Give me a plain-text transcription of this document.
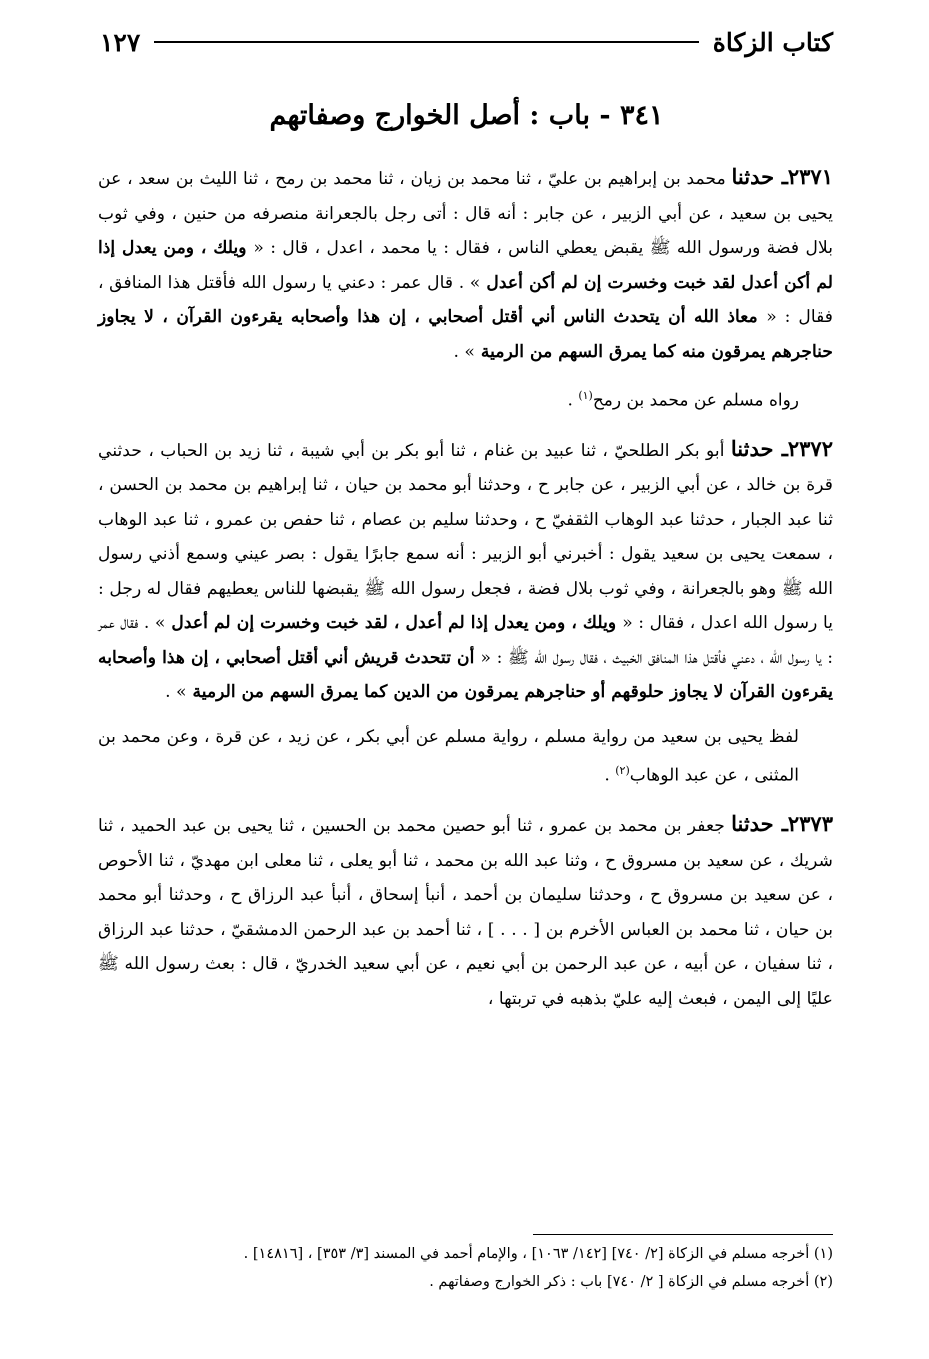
كتاب الزكاة
١٢٧
٣٤١ - باب : أصل الخوارج وصفاتهم

٢٣٧١ـ حدثنا محمد بن إبراهيم بن عليّ ، ثنا محمد بن زيان ، ثنا محمد بن رمح ، ثنا الليث بن سعد ، عن يحيى بن سعيد ، عن أبي الزبير ، عن جابر : أنه قال : أتى رجل بالجعرانة منصرفه من حنين ، وفي ثوب بلال فضة ورسول الله ﷺ يقبض يعطي الناس ، فقال : يا محمد ، اعدل ، قال : « ويلك ، ومن يعدل إذا لم أكن أعدل لقد خبت وخسرت إن لم أكن أعدل » . قال عمر : دعني يا رسول الله فأقتل هذا المنافق ، فقال : « معاذ الله أن يتحدث الناس أني أقتل أصحابي ، إن هذا وأصحابه يقرءون القرآن ، لا يجاوز حناجرهم يمرقون منه كما يمرق السهم من الرمية » .

رواه مسلم عن محمد بن رمح$^{(١)}$ .

٢٣٧٢ـ حدثنا أبو بكر الطلحيّ ، ثنا عبيد بن غنام ، ثنا أبو بكر بن أبي شيبة ، ثنا زيد بن الحباب ، حدثني قرة بن خالد ، عن أبي الزبير ، عن جابر ح ، وحدثنا أبو محمد بن حيان ، ثنا إبراهيم بن محمد بن الحسن ، ثنا عبد الجبار ، حدثنا عبد الوهاب الثقفيّ ح ، وحدثنا سليم بن عصام ، ثنا حفص بن عمرو ، ثنا عبد الوهاب ، سمعت يحيى بن سعيد يقول : أخبرني أبو الزبير : أنه سمع جابرًا يقول : بصر عيني وسمع أذني رسول الله ﷺ وهو بالجعرانة ، وفي ثوب بلال فضة ، فجعل رسول الله ﷺ يقبضها للناس يعطيهم فقال له رجل : يا رسول الله اعدل ، فقال : « ويلك ، ومن يعدل إذا لم أعدل ، لقد خبت وخسرت إن لم أعدل » . فقال عمر : يا رسول الله ، دعني فأقتل هذا المنافق الخبيث ، فقال رسول الله ﷺ : « أن تتحدث قريش أني أقتل أصحابي ، إن هذا وأصحابه يقرءون القرآن لا يجاوز حلوقهم أو حناجرهم يمرقون من الدين كما يمرق السهم من الرمية » .

لفظ يحيى بن سعيد من رواية مسلم ، رواية مسلم عن أبي بكر ، عن زيد ، عن قرة ، وعن محمد بن المثنى ، عن عبد الوهاب$^{(٢)}$ .

٢٣٧٣ـ حدثنا جعفر بن محمد بن عمرو ، ثنا أبو حصين محمد بن الحسين ، ثنا يحيى بن عبد الحميد ، ثنا شريك ، عن سعيد بن مسروق ح ، وثنا عبد الله بن محمد ، ثنا أبو يعلى ، ثنا معلى ابن مهديّ ، ثنا الأحوص ، عن سعيد بن مسروق ح ، وحدثنا سليمان بن أحمد ، أنبأ إسحاق ، أنبأ عبد الرزاق ح ، وحدثنا أبو محمد بن حيان ، ثنا محمد بن العباس الأخرم بن [ . . . ] ، ثنا أحمد بن عبد الرحمن الدمشقيّ ، حدثنا عبد الرزاق ، ثنا سفيان ، عن أبيه ، عن عبد الرحمن بن أبي نعيم ، عن أبي سعيد الخدريّ ، قال : بعث رسول الله ﷺ عليًا إلى اليمن ، فبعث إليه عليّ بذهبه في تربتها ،

(١) أخرجه مسلم في الزكاة [٢/ ٧٤٠] [١٤٢/ ١٠٦٣] ، والإمام أحمد في المسند [٣/ ٣٥٣] ، [١٤٨١٦] .

(٢) أخرجه مسلم في الزكاة [ ٢/ ٧٤٠] باب : ذكر الخوارج وصفاتهم .
